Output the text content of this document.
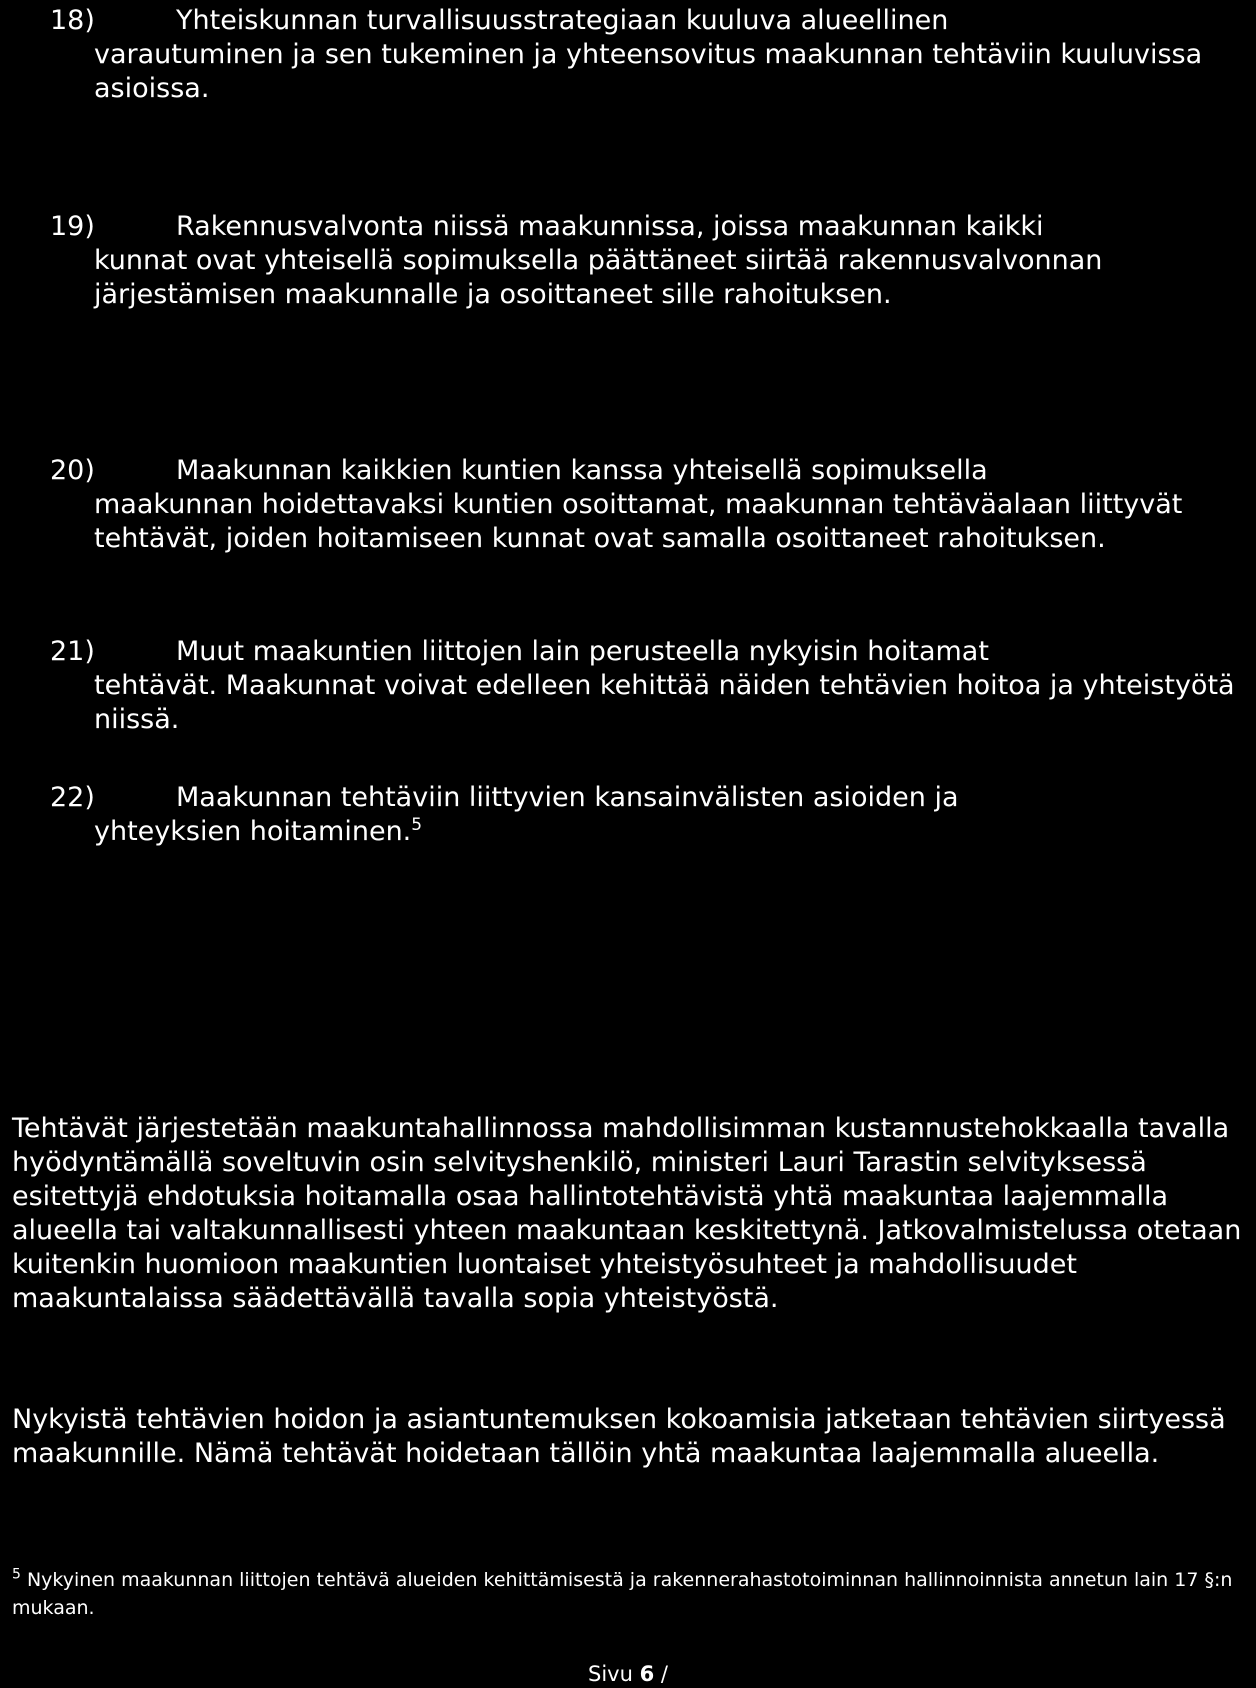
18)	Yhteiskunnan turvallisuusstrategiaan kuuluva alueellinen
varautuminen ja sen tukeminen ja yhteensovitus maakunnan tehtäviin kuuluvissa asioissa.
19)	Rakennusvalvonta niissä maakunnissa, joissa maakunnan kaikki
kunnat ovat yhteisellä sopimuksella päättäneet siirtää rakennusvalvonnan järjestämisen maakunnalle ja osoittaneet sille rahoituksen.
20)	Maakunnan kaikkien kuntien kanssa yhteisellä sopimuksella
maakunnan hoidettavaksi kuntien osoittamat, maakunnan tehtäväalaan liittyvät tehtävät, joiden hoitamiseen kunnat ovat samalla osoittaneet rahoituksen.
21)	Muut maakuntien liittojen lain perusteella nykyisin hoitamat
tehtävät. Maakunnat voivat edelleen kehittää näiden tehtävien hoitoa ja yhteistyötä niissä.
22)	Maakunnan tehtäviin liittyvien kansainvälisten asioiden ja
yhteyksien hoitaminen.$^5$
Tehtävät järjestetään maakuntahallinnossa mahdollisimman kustannustehokkaalla tavalla hyödyntämällä soveltuvin osin selvityshenkilö, ministeri Lauri Tarastin selvityksessä esitettyjä ehdotuksia hoitamalla osaa hallintotehtävistä yhtä maakuntaa laajemmalla alueella tai valtakunnallisesti yhteen maakuntaan keskitettynä. Jatkovalmistelussa otetaan kuitenkin huomioon maakuntien luontaiset yhteistyösuhteet ja mahdollisuudet maakuntalaissa säädettävällä tavalla sopia yhteistyöstä.
Nykyistä tehtävien hoidon ja asiantuntemuksen kokoamisia jatketaan tehtävien siirtyessä maakunnille. Nämä tehtävät hoidetaan tällöin yhtä maakuntaa laajemmalla alueella.
$^5$ Nykyinen maakunnan liittojen tehtävä alueiden kehittämisestä ja rakennerahastotoiminnan hallinnoinnista annetun lain 17 §:n mukaan.
Sivu 6 /
